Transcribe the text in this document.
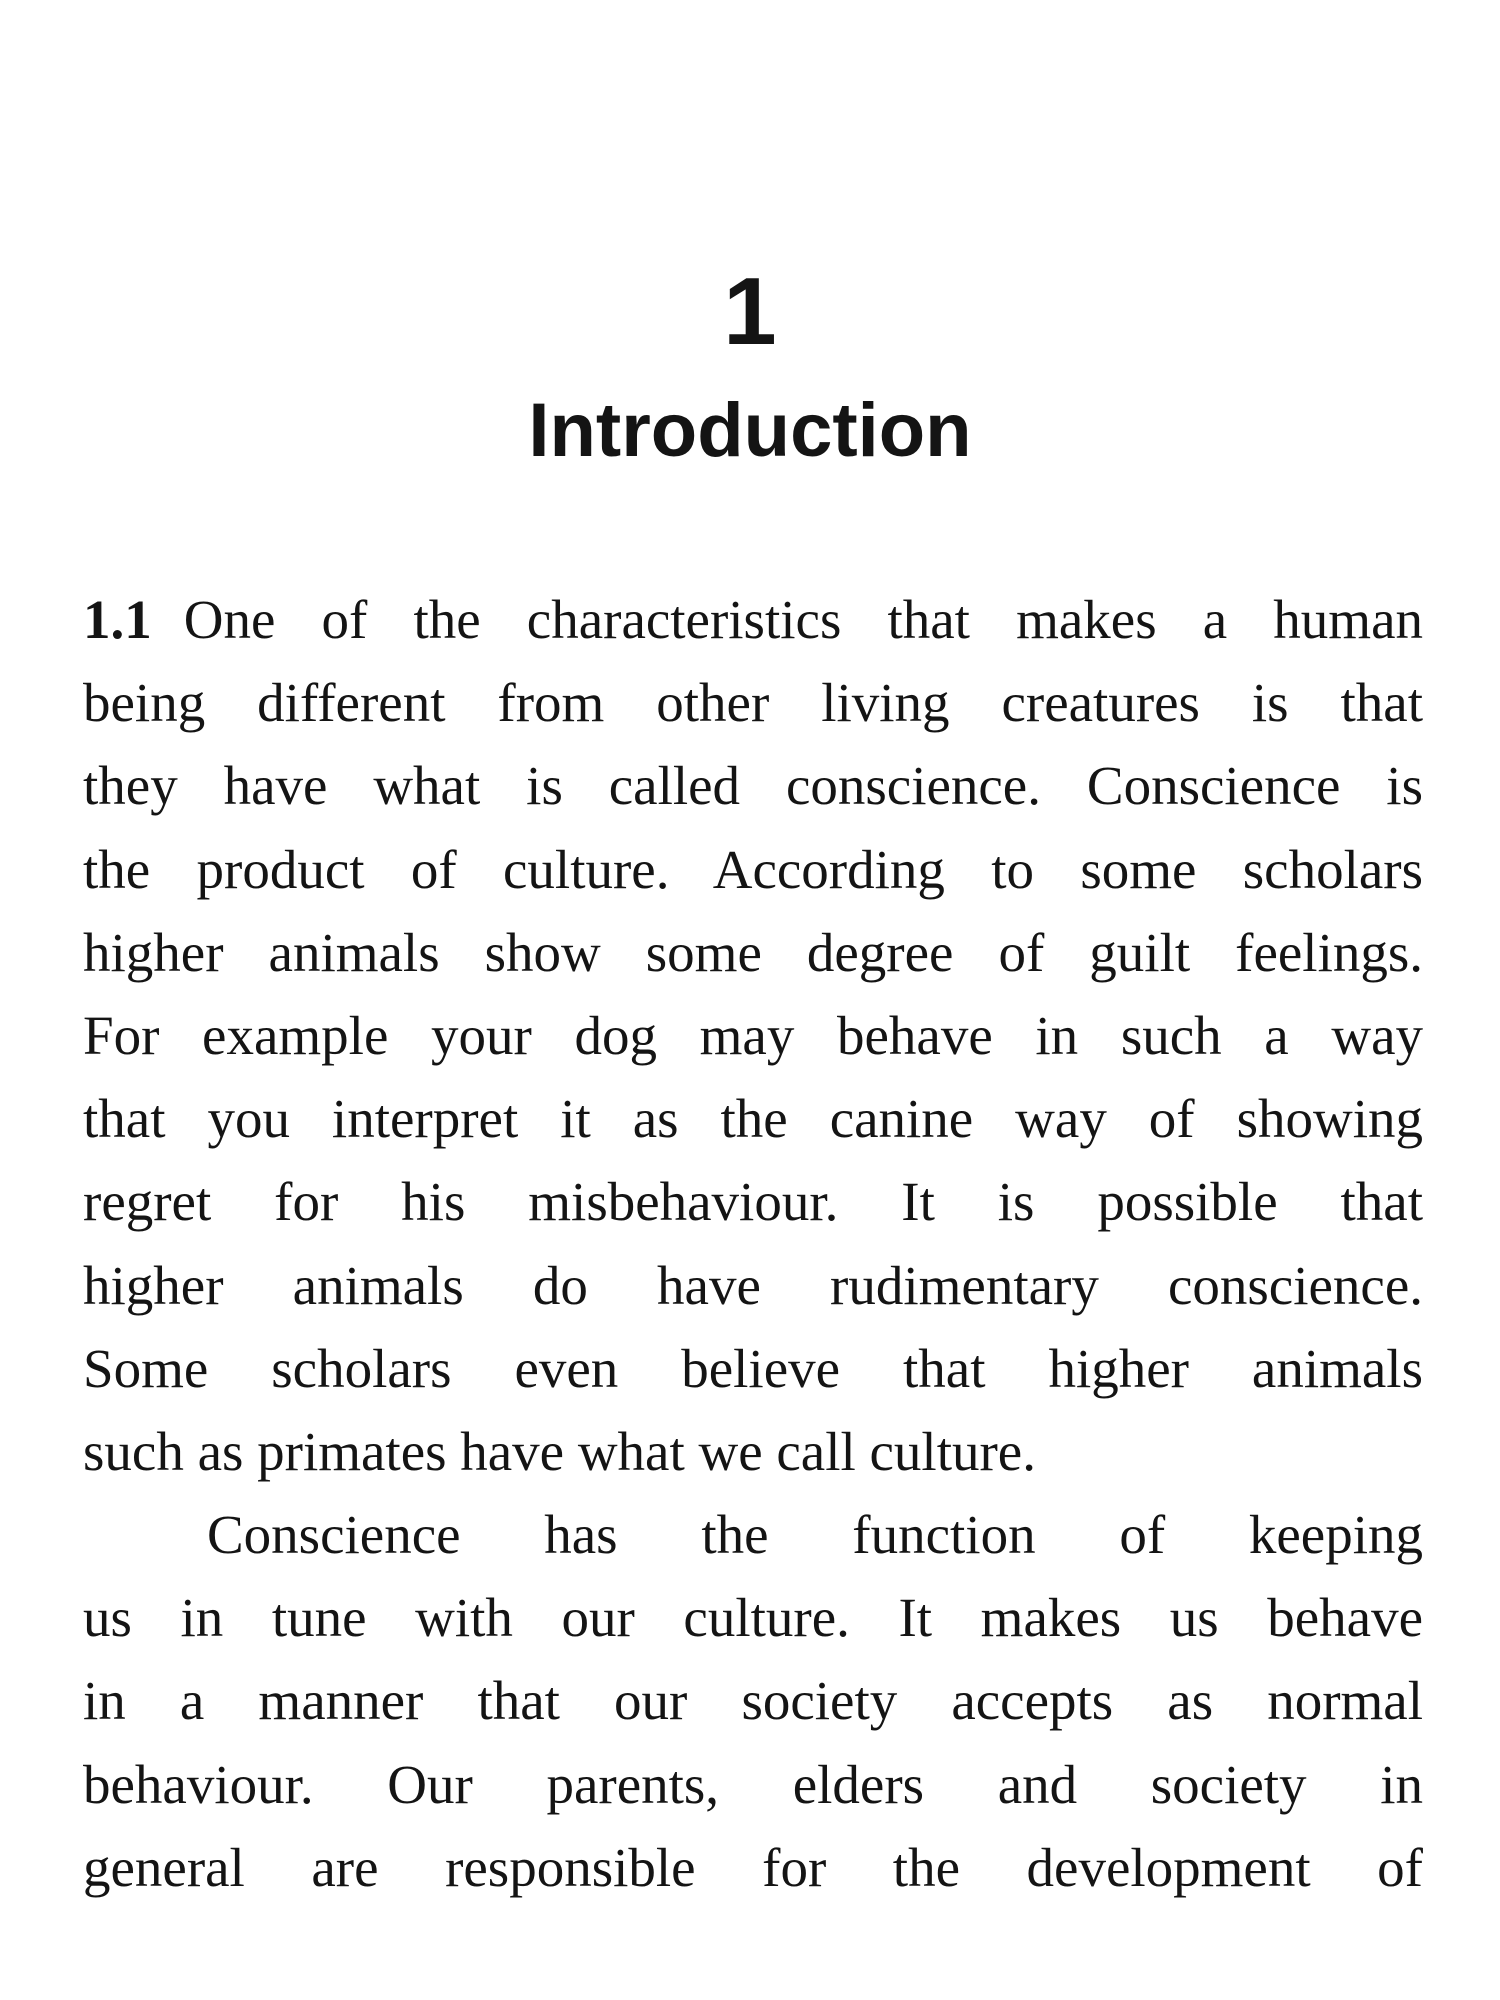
1
Introduction
1.1 One of the characteristics that makes a human
being different from other living creatures is that
they have what is called conscience. Conscience is
the product of culture. According to some scholars
higher animals show some degree of guilt feelings.
For example your dog may behave in such a way
that you interpret it as the canine way of showing
regret for his misbehaviour. It is possible that
higher animals do have rudimentary conscience.
Some scholars even believe that higher animals
such as primates have what we call culture.
Conscience has the function of keeping
us in tune with our culture. It makes us behave
in a manner that our society accepts as normal
behaviour. Our parents, elders and society in
general are responsible for the development of
